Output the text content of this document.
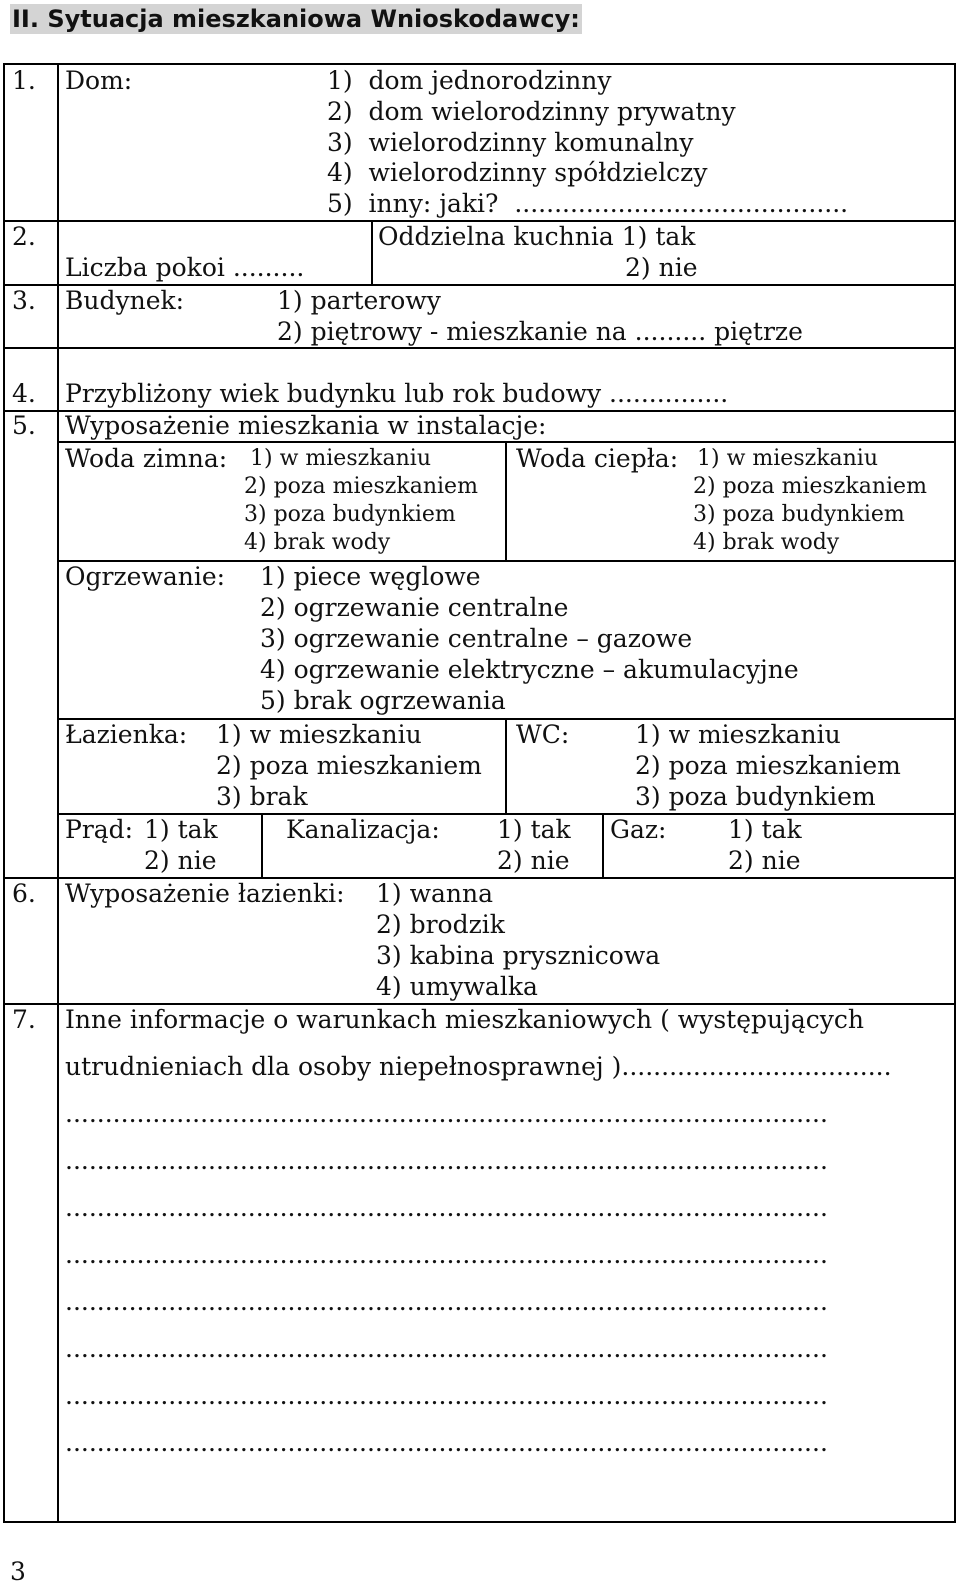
II. Sytuacja mieszkaniowa Wnioskodawcy:
1. Dom:	1)  dom jednorodzinny
2)  dom wielorodzinny prywatny
3)  wielorodzinny komunalny
4)  wielorodzinny spółdzielczy
5)  inny: jaki?  ..........................................
2.
Liczba pokoi .........
Oddzielna kuchnia 1) tak
2) nie
3. Budynek:	1) parterowy
2) piętrowy - mieszkanie na ......... piętrze
4. Przybliżony wiek budynku lub rok budowy ...............
5. Wyposażenie mieszkania w instalacje:
Woda zimna: 1) w mieszkaniu
2) poza mieszkaniem
3) poza budynkiem
4) brak wody
Woda ciepła: 1) w mieszkaniu
2) poza mieszkaniem
3) poza budynkiem
4) brak wody
Ogrzewanie: 1) piece węglowe
2) ogrzewanie centralne
3) ogrzewanie centralne – gazowe
4) ogrzewanie elektryczne – akumulacyjne
5) brak ogrzewania
Łazienka: 1) w mieszkaniu
2) poza mieszkaniem
3) brak
WC:	1) w mieszkaniu
2) poza mieszkaniem
3) poza budynkiem
Prąd: 1) tak
2) nie
Kanalizacja: 1) tak
2) nie
Gaz: 1) tak
2) nie
6. Wyposażenie łazienki: 1) wanna
2) brodzik
3) kabina prysznicowa
4) umywalka
7. Inne informacje o warunkach mieszkaniowych ( występujących
utrudnieniach dla osoby niepełnosprawnej )..................................
................................................................................................
................................................................................................
................................................................................................
................................................................................................
................................................................................................
................................................................................................
................................................................................................
................................................................................................
3
